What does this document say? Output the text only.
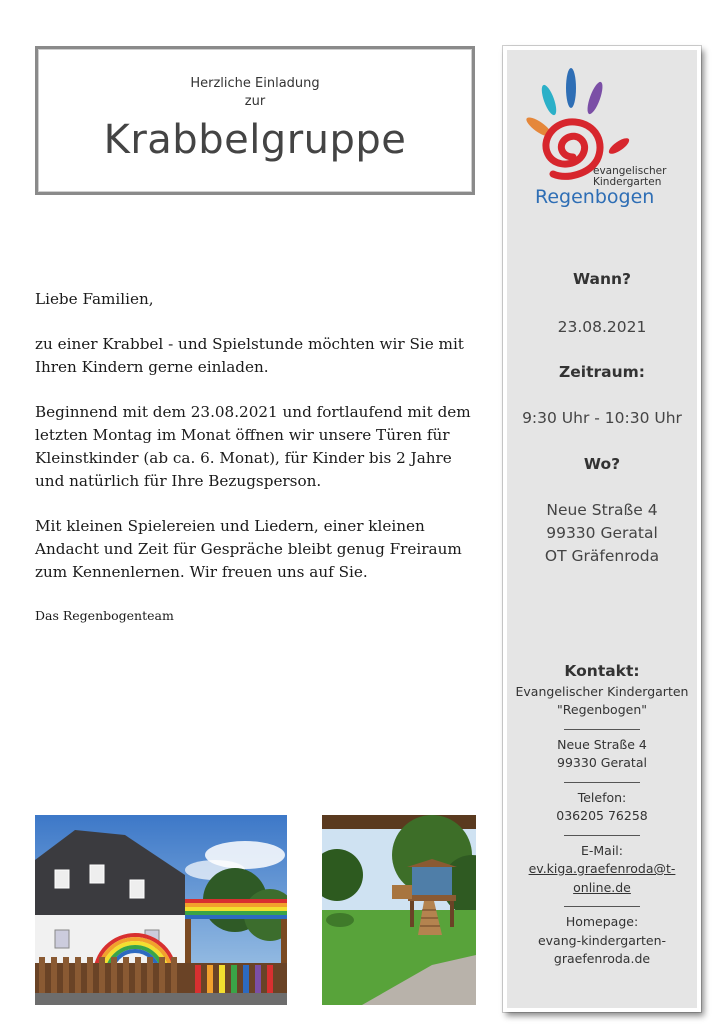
Herzliche Einladung
zur
Krabbelgruppe

Liebe Familien,

zu einer Krabbel - und Spielstunde möchten wir Sie mit Ihren Kindern gerne einladen.

Beginnend mit dem 23.08.2021 und fortlaufend mit dem letzten Montag im Monat öffnen wir unsere Türen für Kleinstkinder (ab ca. 6. Monat), für Kinder bis 2 Jahre und natürlich für Ihre Bezugsperson.

Mit kleinen Spielereien und Liedern, einer kleinen Andacht und Zeit für Gespräche bleibt genug Freiraum zum Kennenlernen. Wir freuen uns auf Sie.

Das Regenbogenteam

evangelischer
Kindergarten
Regenbogen
Wann?
23.08.2021
Zeitraum:
9:30 Uhr - 10:30 Uhr
Wo?
Neue Straße 4
99330 Geratal
OT Gräfenroda
Kontakt:
Evangelischer Kindergarten
"Regenbogen"
Neue Straße 4
99330 Geratal
Telefon:
036205 76258
E-Mail:
ev.kiga.graefenroda@t-
online.de
Homepage:
evang-kindergarten-
graefenroda.de
